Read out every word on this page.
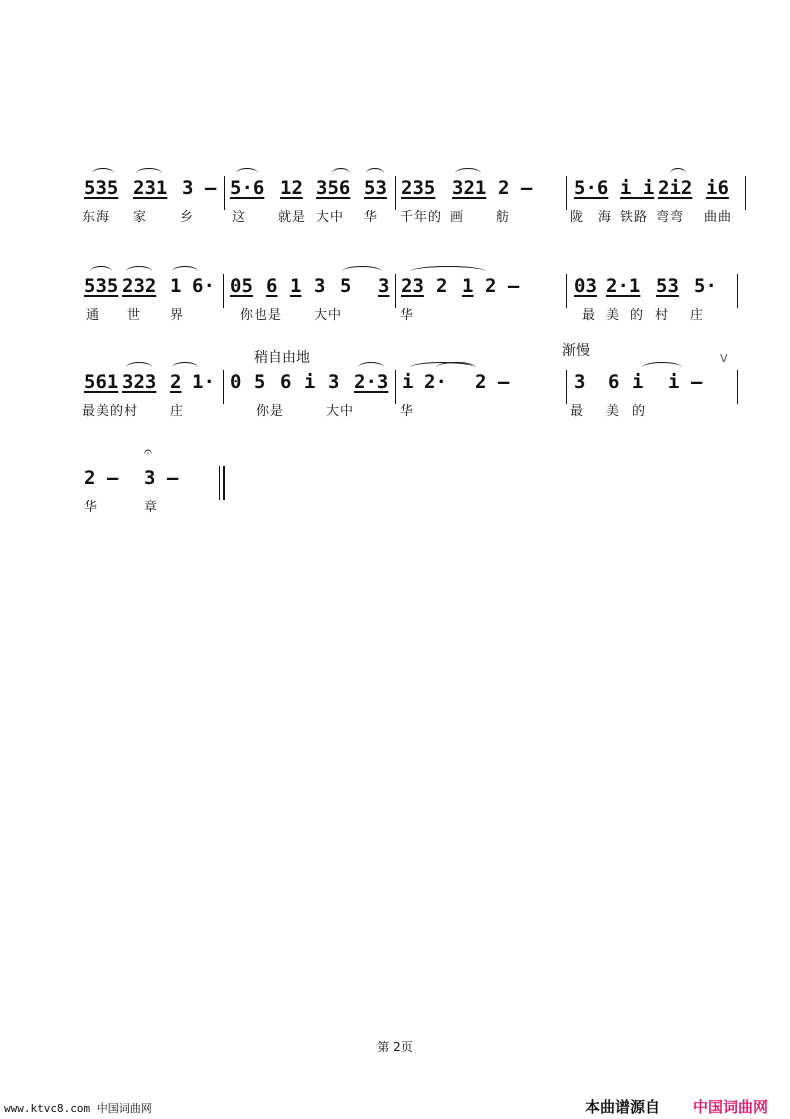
535 231 3 – 5·6 12 356 53 235 321 2 – 5·6 i i 2i2 i6
东海 家	乡	这 就是 大中 华 千年的 画 舫	陇 海 铁路 弯弯 曲曲
535 232 1 6· 05 6 1 3 5 3 23 2 1 2 –	03 2·1 53 5·
通 世 界	你也是 大中	华	最 美 的 村 庄
稍自由地	渐慢	V
561 323 2 1· 0 5 6 i 3 2·3 i 2· 2 –	3 6 i i –
最美的村 庄	你是	大中	华	最 美 的
𝄐
2 – 3 –
华	章
第 2页
www.ktvc8.com 中国词曲网	本曲谱源自 中国词曲网
